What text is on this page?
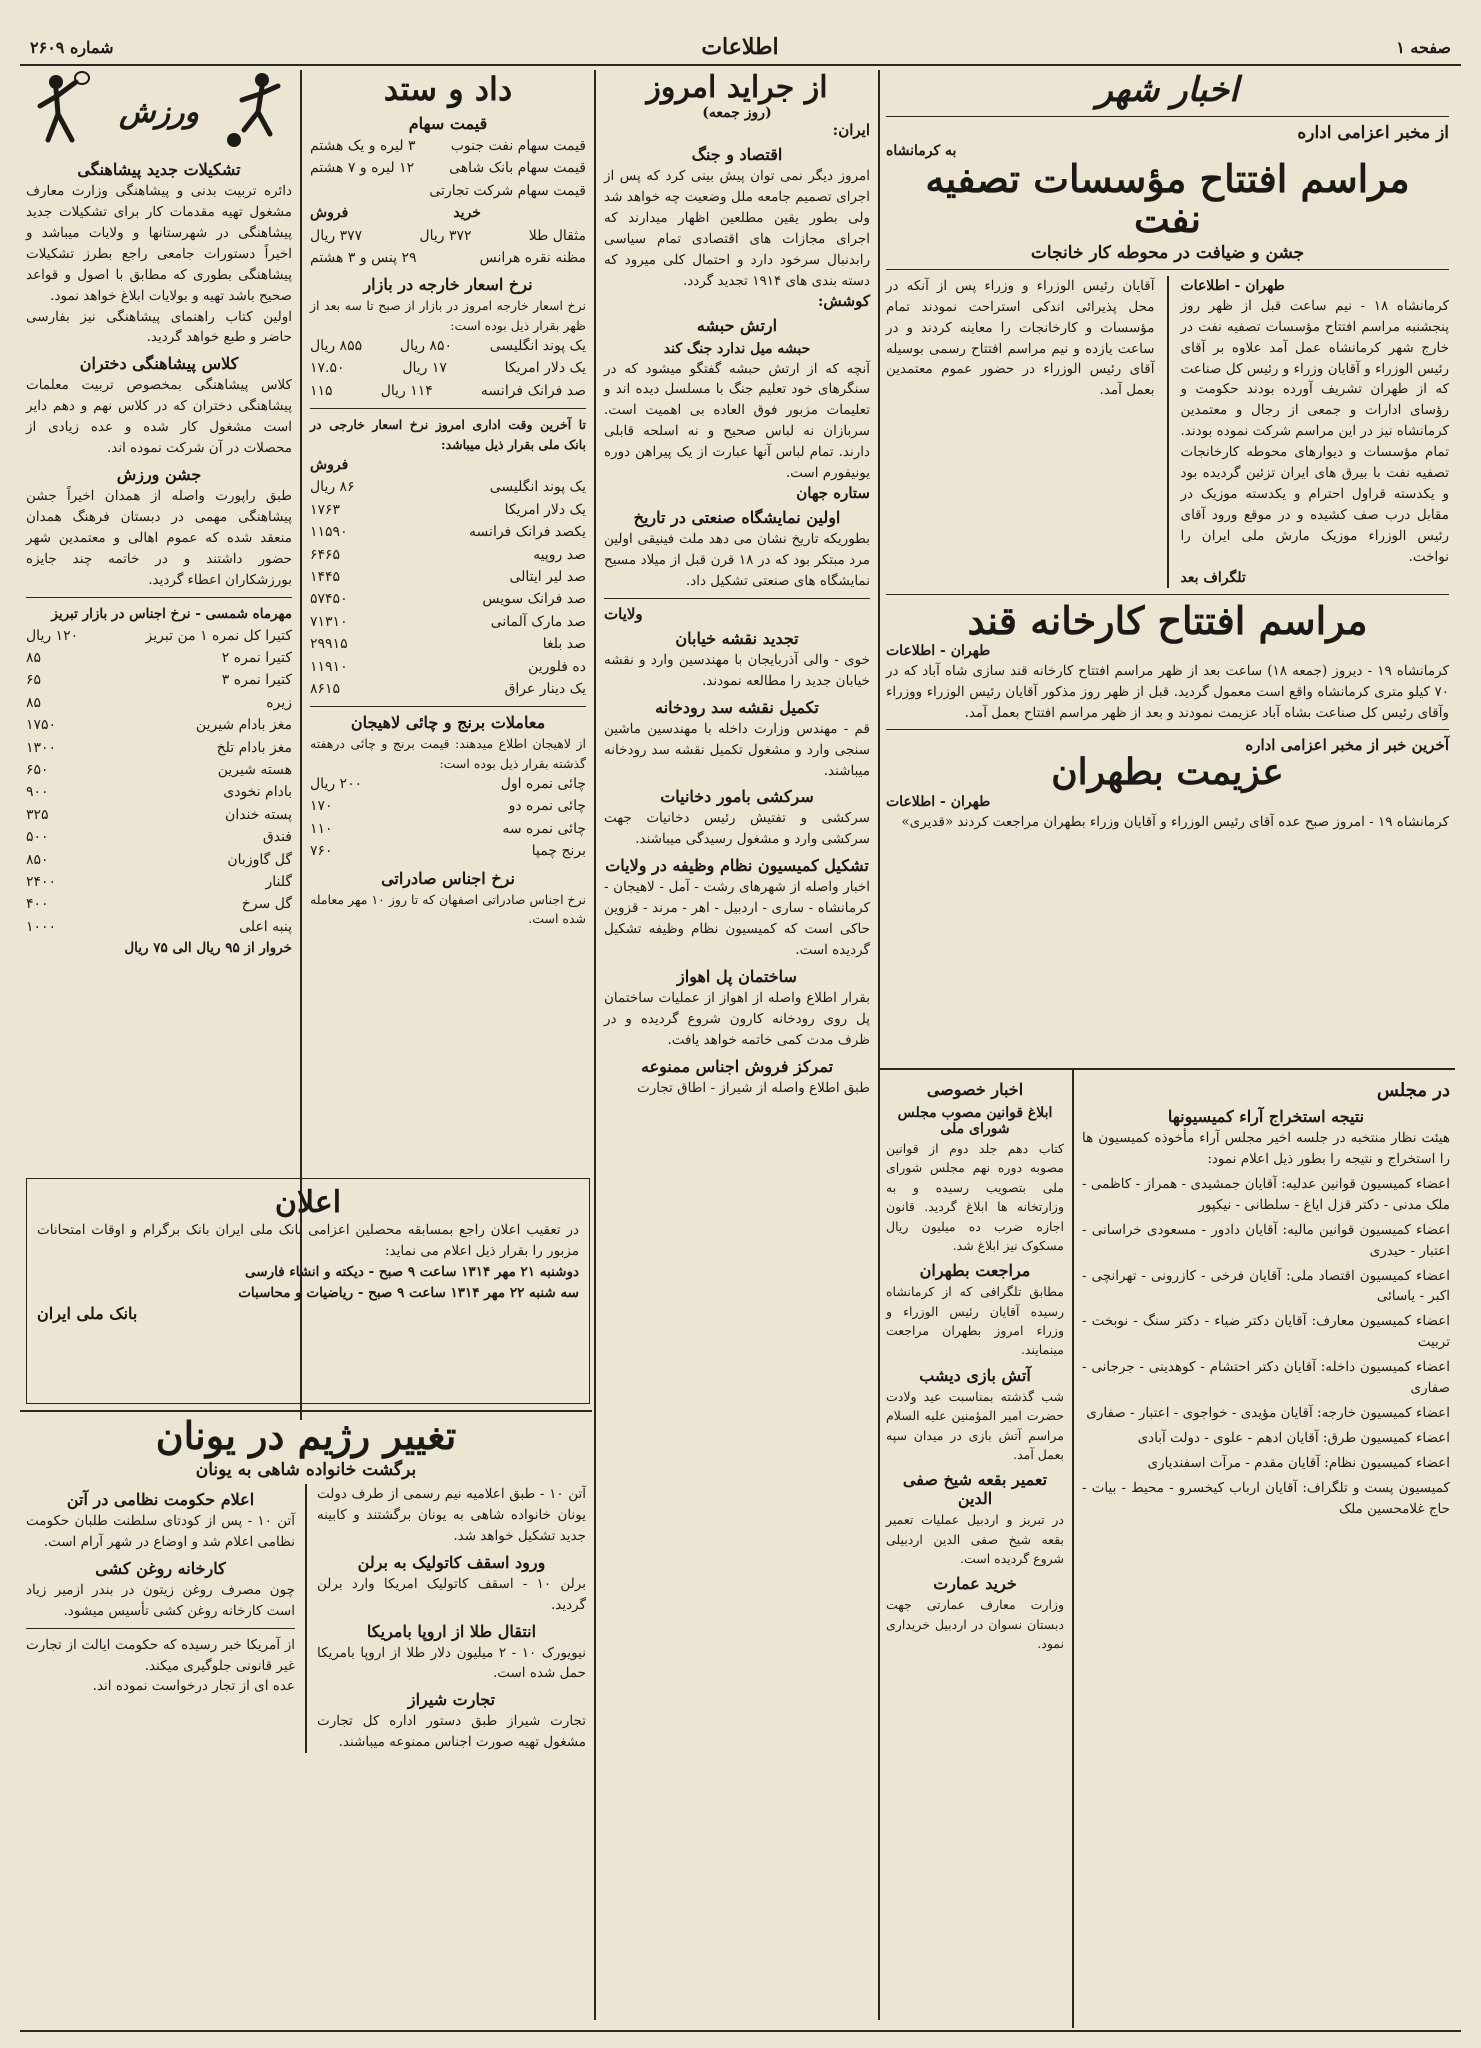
صفحه ۱
اطلاعات
شماره ۲۶۰۹
اخبار شهر
از مخبر اعزامی اداره
به کرمانشاه
مراسم افتتاح مؤسسات تصفیه نفت
جشن و ضیافت در محوطه کار خانجات
طهران - اطلاعات
کرمانشاه ۱۸ - نیم ساعت قبل از ظهر روز پنجشنبه مراسم افتتاح مؤسسات تصفیه نفت در خارج شهر کرمانشاه عمل آمد علاوه بر آقای رئیس الوزراء و آقایان وزراء و رئیس کل صناعت که از طهران تشریف آورده بودند حکومت و رؤسای ادارات و جمعی از رجال و معتمدین کرمانشاه نیز در این مراسم شرکت نموده بودند. تمام مؤسسات و دیوارهای محوطه کارخانجات تصفیه نفت با بیرق های ایران تزئین گردیده بود و یکدسته قراول احترام و یکدسته موزیک در مقابل درب صف کشیده و در موقع ورود آقای رئیس الوزراء موزیک مارش ملی ایران را نواخت.
تلگراف بعد
آقایان رئیس الوزراء و وزراء پس از آنکه در محل پذیرائی اندکی استراحت نمودند تمام مؤسسات و کارخانجات را معاینه کردند و در ساعت یازده و نیم مراسم افتتاح رسمی بوسیله آقای رئیس الوزراء در حضور عموم معتمدین بعمل آمد.
مراسم افتتاح کارخانه قند
طهران - اطلاعات
کرمانشاه ۱۹ - دیروز (جمعه ۱۸) ساعت بعد از ظهر مراسم افتتاح کارخانه قند سازی شاه آباد که در ۷۰ کیلو متری کرمانشاه واقع است معمول گردید. قبل از ظهر روز مذکور آقایان رئیس الوزراء ووزراء وآقای رئیس کل صناعت بشاه آباد عزیمت نمودند و بعد از ظهر مراسم افتتاح بعمل آمد.
آخرین خبر از مخبر اعزامی اداره
عزیمت بطهران
طهران - اطلاعات
کرمانشاه ۱۹ - امروز صبح عده آقای رئیس الوزراء و آقایان وزراء بطهران مراجعت کردند «قدیری»
در مجلس
نتیجه استخراج آراء کمیسیونها
هیئت نظار منتخبه در جلسه اخیر مجلس آراء مأخوذه کمیسیون ها را استخراج و نتیجه را بطور ذیل اعلام نمود:
اعضاء کمیسیون قوانین عدلیه: آقایان جمشیدی - همراز - کاظمی - ملک مدنی - دکتر قزل ایاغ - سلطانی - نیکپور
اعضاء کمیسیون قوانین مالیه: آقایان دادور - مسعودی خراسانی - اعتبار - حیدری
اعضاء کمیسیون اقتصاد ملی: آقایان فرخی - کازرونی - تهرانچی - اکبر - یاسائی
اعضاء کمیسیون معارف: آقایان دکتر ضیاء - دکتر سنگ - نوبخت - تربیت
اعضاء کمیسیون داخله: آقایان دکتر احتشام - کوهدینی - جرجانی - صفاری
اعضاء کمیسیون خارجه: آقایان مؤیدی - خواجوی - اعتبار - صفاری
اعضاء کمیسیون طرق: آقایان ادهم - علوی - دولت آبادی
اعضاء کمیسیون نظام: آقایان مقدم - مرآت اسفندیاری
کمیسیون پست و تلگراف: آقایان ارباب کیخسرو - محیط - بیات - حاج غلامحسین ملک
اخبار خصوصی
ابلاغ قوانین مصوب مجلس شورای ملی
کتاب دهم جلد دوم از قوانین مصوبه دوره نهم مجلس شورای ملی بتصویب رسیده و به وزارتخانه ها ابلاغ گردید. قانون اجازه ضرب ده میلیون ریال مسکوک نیز ابلاغ شد.
مراجعت بطهران
مطابق تلگرافی که از کرمانشاه رسیده آقایان رئیس الوزراء و وزراء امروز بطهران مراجعت مینمایند.
آتش بازی دیشب
شب گذشته بمناسبت عید ولادت حضرت امیر المؤمنین علیه السلام مراسم آتش بازی در میدان سپه بعمل آمد.
تعمیر بقعه شیخ صفی الدین
در تبریز و اردبیل عملیات تعمیر بقعه شیخ صفی الدین اردبیلی شروع گردیده است.
خرید عمارت
وزارت معارف عمارتی جهت دبستان نسوان در اردبیل خریداری نمود.
از جراید امروز
(روز جمعه)
ایران:
اقتصاد و جنگ
امروز دیگر نمی توان پیش بینی کرد که پس از اجرای تصمیم جامعه ملل وضعیت چه خواهد شد ولی بطور یقین مطلعین اظهار میدارند که اجرای مجازات های اقتصادی تمام سیاسی رابدنبال سرخود دارد و احتمال کلی میرود که دسته بندی های ۱۹۱۴ تجدید گردد.
کوشش:
ارتش حبشه
حبشه میل ندارد جنگ کند
آنچه که از ارتش حبشه گفتگو میشود که در سنگرهای خود تعلیم جنگ با مسلسل دیده اند و تعلیمات مزبور فوق العاده بی اهمیت است. سربازان نه لباس صحیح و نه اسلحه قابلی دارند. تمام لباس آنها عبارت از یک پیراهن دوره یونیفورم است.
ستاره جهان
اولین نمایشگاه صنعتی در تاریخ
بطوریکه تاریخ نشان می دهد ملت فینیقی اولین مرد مبتکر بود که در ۱۸ قرن قبل از میلاد مسیح نمایشگاه های صنعتی تشکیل داد.
ولایات
تجدید نقشه خیابان
خوی - والی آذربایجان با مهندسین وارد و نقشه خیابان جدید را مطالعه نمودند.
تکمیل نقشه سد رودخانه
قم - مهندس وزارت داخله با مهندسین ماشین سنجی وارد و مشغول تکمیل نقشه سد رودخانه میباشند.
سرکشی بامور دخانیات
سرکشی و تفتیش رئیس دخانیات جهت سرکشی وارد و مشغول رسیدگی میباشند.
تشکیل کمیسیون نظام وظیفه در ولایات
اخبار واصله از شهرهای رشت - آمل - لاهیجان - کرمانشاه - ساری - اردبیل - اهر - مرند - قزوین حاکی است که کمیسیون نظام وظیفه تشکیل گردیده است.
ساختمان پل اهواز
بقرار اطلاع واصله از اهواز از عملیات ساختمان پل روی رودخانه کارون شروع گردیده و در ظرف مدت کمی خاتمه خواهد یافت.
تمرکز فروش اجناس ممنوعه
طبق اطلاع واصله از شیراز - اطاق تجارت
داد و ستد
قیمت سهام
قیمت سهام نفت جنوب
۳ لیره و یک هشتم
قیمت سهام بانک شاهی
۱۲ لیره و ۷ هشتم
قیمت سهام شرکت تجارتی
خرید
فروش
مثقال طلا
۳۷۲ ریال
۳۷۷ ریال
مظنه نقره هرانس
۲۹ پنس و ۳ هشتم
نرخ اسعار خارجه در بازار
نرخ اسعار خارجه امروز در بازار از صبح تا سه بعد از ظهر بقرار ذیل بوده است:
یک پوند انگلیسی
۸۵۰ ریال
۸۵۵ ریال
یک دلار امریکا
۱۷ ریال
۱۷.۵۰
صد فرانک فرانسه
۱۱۴ ریال
۱۱۵
تا آخرین وقت اداری امروز نرخ اسعار خارجی در بانک ملی بقرار ذیل میباشد:
فروش
یک پوند انگلیسی
۸۶ ریال
یک دلار امریکا
۱۷۶۳
یکصد فرانک فرانسه
۱۱۵۹۰
صد روپیه
۶۴۶۵
صد لیر ایتالی
۱۴۴۵
صد فرانک سویس
۵۷۴۵۰
صد مارک آلمانی
۷۱۳۱۰
صد بلغا
۲۹۹۱۵
ده فلورین
۱۱۹۱۰
یک دینار عراق
۸۶۱۵
معاملات برنج و چائی لاهیجان
از لاهیجان اطلاع میدهند: قیمت برنج و چائی درهفته گذشته بقرار ذیل بوده است:
چائی نمره اول
۲۰۰ ریال
چائی نمره دو
۱۷۰
چائی نمره سه
۱۱۰
برنج چمپا
۷۶۰
نرخ اجناس صادراتی
نرخ اجناس صادراتی اصفهان که تا روز ۱۰ مهر معامله شده است.
اعلان
در تعقیب اعلان راجع بمسابقه محصلین اعزامی بانک ملی ایران بانک برگرام و اوقات امتحانات مزبور را بقرار ذیل اعلام می نماید:
دوشنبه ۲۱ مهر ۱۳۱۴ ساعت ۹ صبح - دیکته و انشاء فارسی
سه شنبه ۲۲ مهر ۱۳۱۴ ساعت ۹ صبح - ریاضیات و محاسبات
بانک ملی ایران
ورزش
تشکیلات جدید پیشاهنگی
دائره تربیت بدنی و پیشاهنگی وزارت معارف مشغول تهیه مقدمات کار برای تشکیلات جدید پیشاهنگی در شهرستانها و ولایات میباشد و اخیراً دستورات جامعی راجع بطرز تشکیلات پیشاهنگی بطوری که مطابق با اصول و قواعد صحیح باشد تهیه و بولایات ابلاغ خواهد نمود.
اولین کتاب راهنمای پیشاهنگی نیز بفارسی حاضر و طبع خواهد گردید.
کلاس پیشاهنگی دختران
کلاس پیشاهنگی بمخصوص تربیت معلمات پیشاهنگی دختران که در کلاس نهم و دهم دایر است مشغول کار شده و عده زیادی از محصلات در آن شرکت نموده اند.
جشن ورزش
طبق راپورت واصله از همدان اخیراً جشن پیشاهنگی مهمی در دبستان فرهنگ همدان منعقد شده که عموم اهالی و معتمدین شهر حضور داشتند و در خاتمه چند جایزه بورزشکاران اعطاء گردید.
مهرماه شمسی - نرخ اجناس در بازار تبریز
کتیرا کل نمره ۱ من تبریز
۱۲۰ ریال
کتیرا نمره ۲
۸۵
کتیرا نمره ۳
۶۵
زیره
۸۵
مغز بادام شیرین
۱۷۵۰
مغز بادام تلخ
۱۳۰۰
هسته شیرین
۶۵۰
بادام نخودی
۹۰۰
پسته خندان
۳۲۵
فندق
۵۰۰
گل گاوزبان
۸۵۰
گلنار
۲۴۰۰
گل سرخ
۴۰۰
پنبه اعلی
۱۰۰۰
خروار از ۹۵ ریال الی ۷۵ ریال
تغییر رژیم در یونان
برگشت خانواده شاهی به یونان
آتن ۱۰ - طبق اعلامیه نیم رسمی از طرف دولت یونان خانواده شاهی به یونان برگشتند و کابینه جدید تشکیل خواهد شد.
ورود اسقف کاتولیک به برلن
برلن ۱۰ - اسقف کاتولیک امریکا وارد برلن گردید.
انتقال طلا از اروپا بامریکا
نیویورک ۱۰ - ۲ میلیون دلار طلا از اروپا بامریکا حمل شده است.
تجارت شیراز
تجارت شیراز طبق دستور اداره کل تجارت مشغول تهیه صورت اجناس ممنوعه میباشند.
اعلام حکومت نظامی در آتن
آتن ۱۰ - پس از کودتای سلطنت طلبان حکومت نظامی اعلام شد و اوضاع در شهر آرام است.
کارخانه روغن کشی
چون مصرف روغن زیتون در بندر ازمیر زیاد است کارخانه روغن کشی تأسیس میشود.
از آمریکا خبر رسیده که حکومت ایالت از تجارت غیر قانونی جلوگیری میکند.
عده ای از تجار درخواست نموده اند.
